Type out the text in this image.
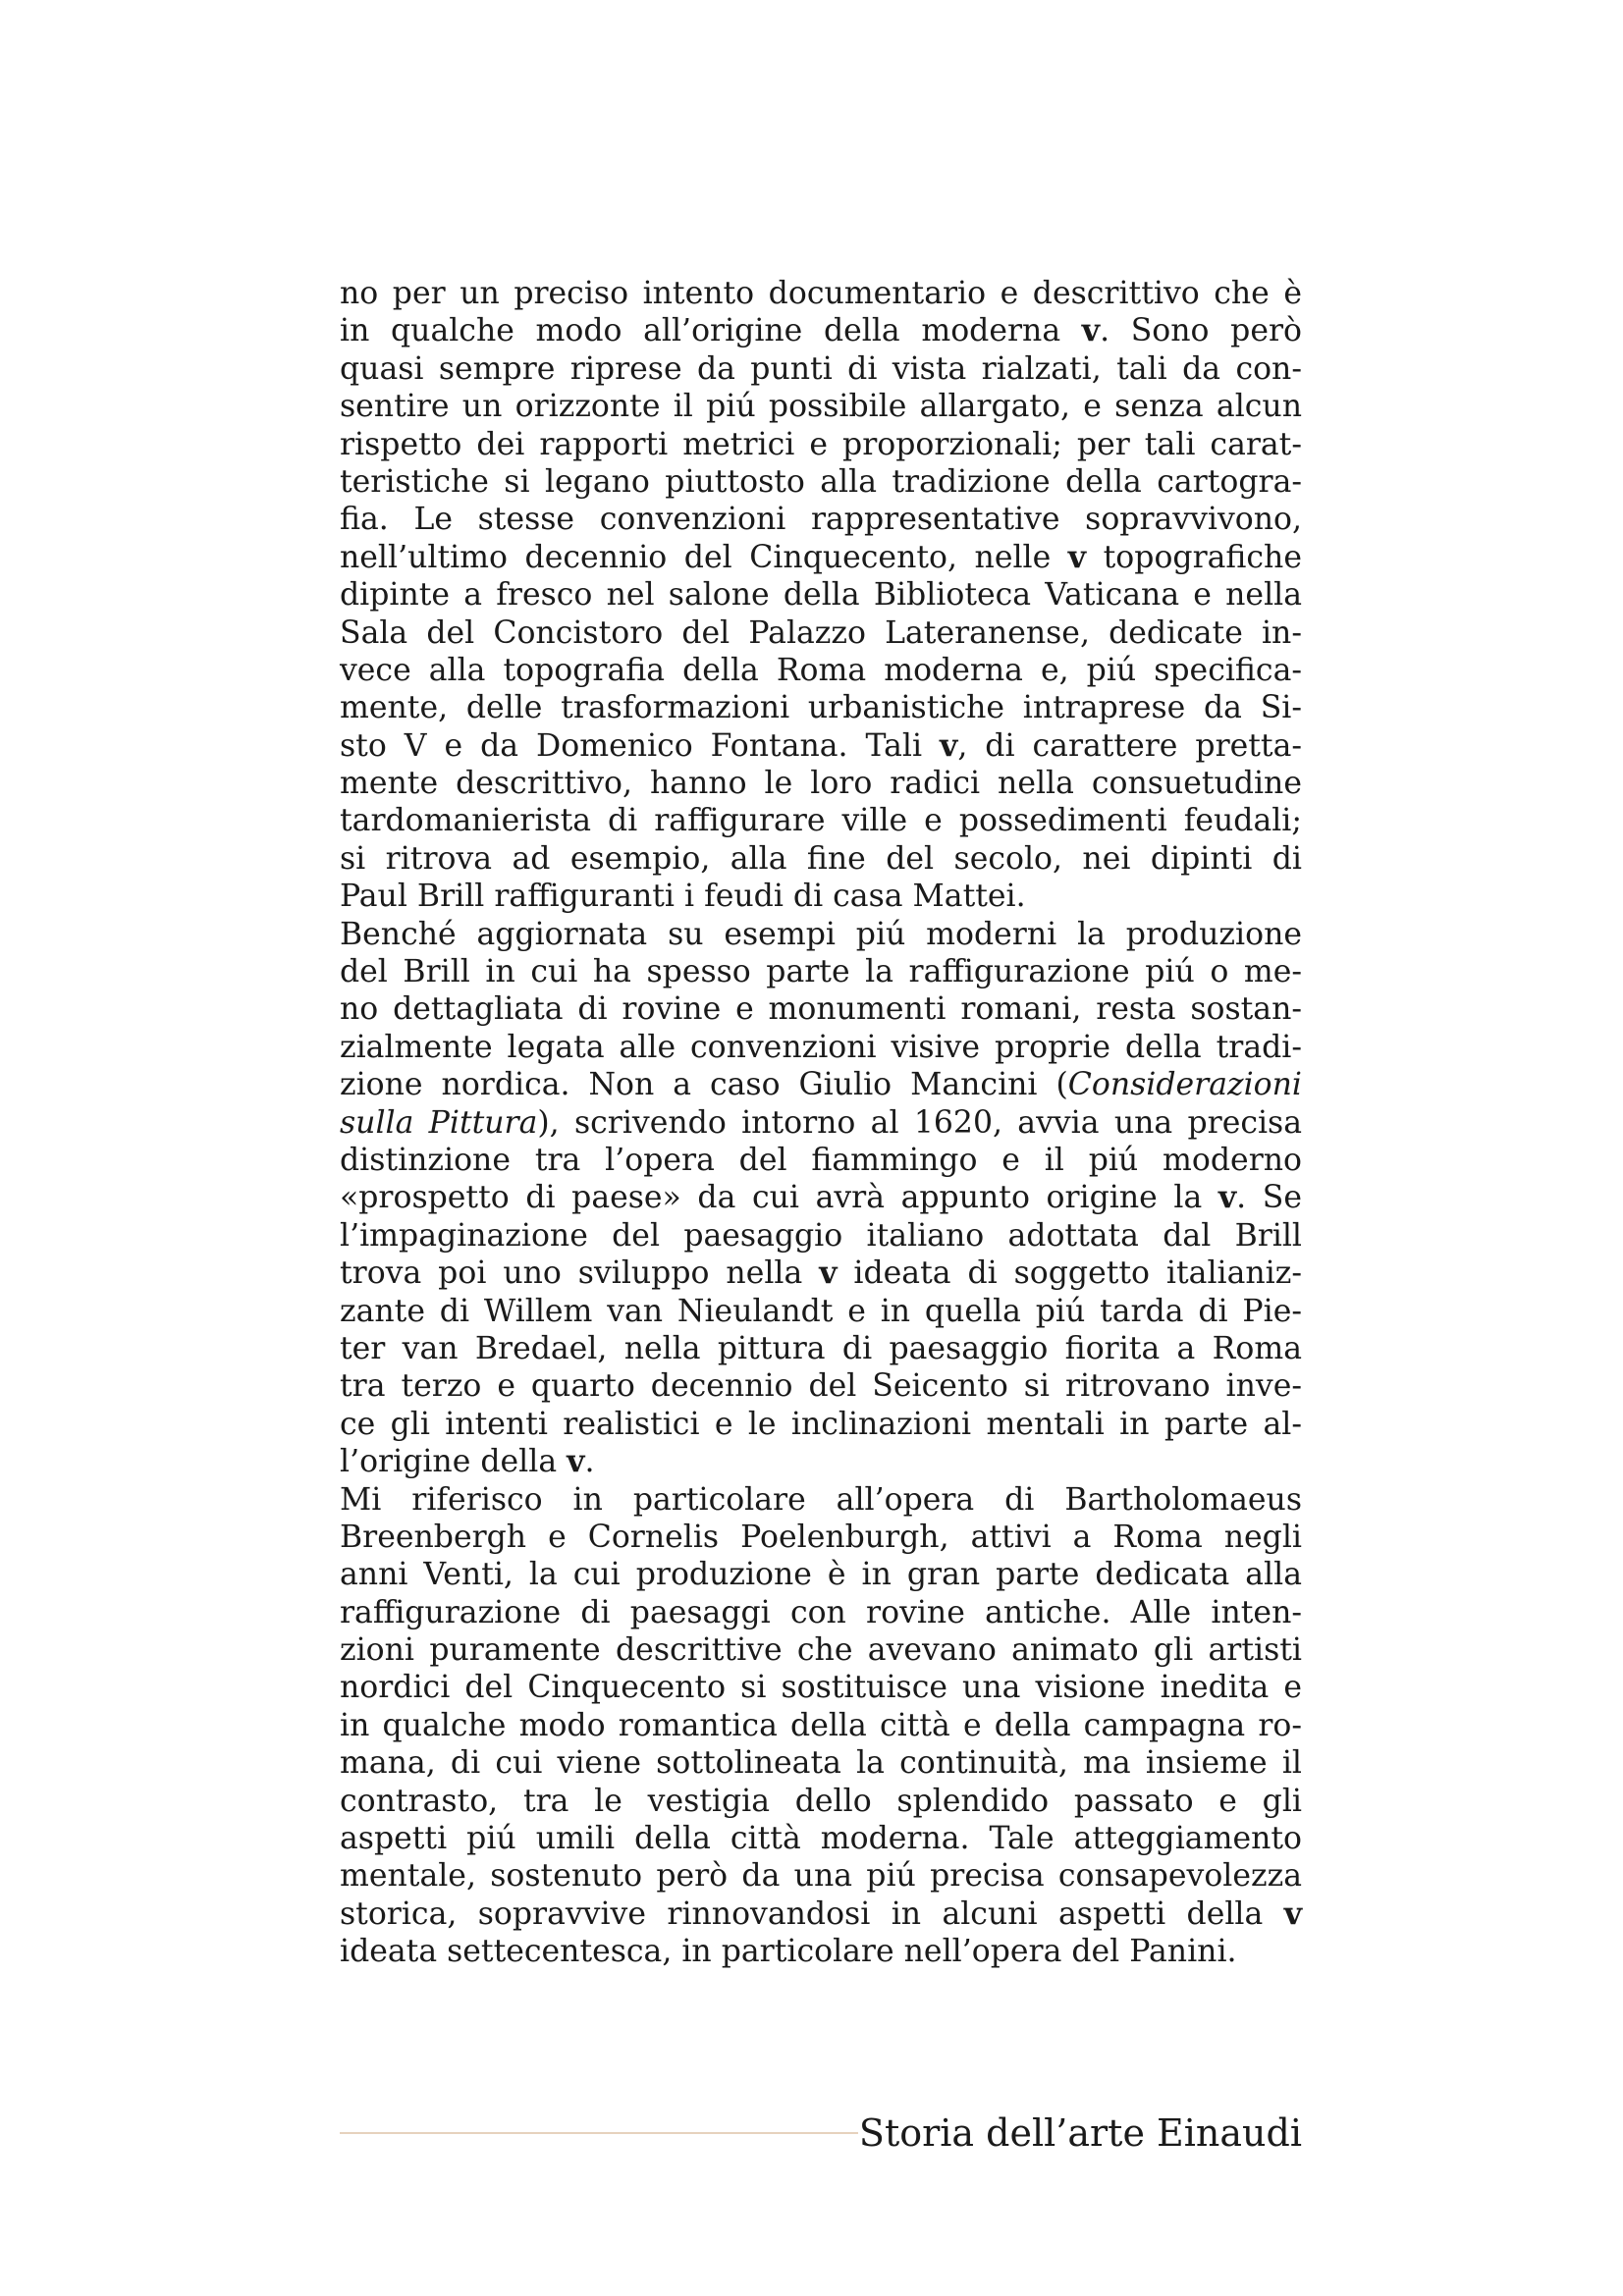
no per un preciso intento documentario e descrittivo che è
in qualche modo all’origine della moderna v. Sono però
quasi sempre riprese da punti di vista rialzati, tali da con-
sentire un orizzonte il piú possibile allargato, e senza alcun
rispetto dei rapporti metrici e proporzionali; per tali carat-
teristiche si legano piuttosto alla tradizione della cartogra-
fia. Le stesse convenzioni rappresentative sopravvivono,
nell’ultimo decennio del Cinquecento, nelle v topografiche
dipinte a fresco nel salone della Biblioteca Vaticana e nella
Sala del Concistoro del Palazzo Lateranense, dedicate in-
vece alla topografia della Roma moderna e, piú specifica-
mente, delle trasformazioni urbanistiche intraprese da Si-
sto V e da Domenico Fontana. Tali v, di carattere pretta-
mente descrittivo, hanno le loro radici nella consuetudine
tardomanierista di raffigurare ville e possedimenti feudali;
si ritrova ad esempio, alla fine del secolo, nei dipinti di
Paul Brill raffiguranti i feudi di casa Mattei.

Benché aggiornata su esempi piú moderni la produzione
del Brill in cui ha spesso parte la raffigurazione piú o me-
no dettagliata di rovine e monumenti romani, resta sostan-
zialmente legata alle convenzioni visive proprie della tradi-
zione nordica. Non a caso Giulio Mancini (Considerazioni
sulla Pittura), scrivendo intorno al 1620, avvia una precisa
distinzione tra l’opera del fiammingo e il piú moderno
«prospetto di paese» da cui avrà appunto origine la v. Se
l’impaginazione del paesaggio italiano adottata dal Brill
trova poi uno sviluppo nella v ideata di soggetto italianiz-
zante di Willem van Nieulandt e in quella piú tarda di Pie-
ter van Bredael, nella pittura di paesaggio fiorita a Roma
tra terzo e quarto decennio del Seicento si ritrovano inve-
ce gli intenti realistici e le inclinazioni mentali in parte al-
l’origine della v.

Mi riferisco in particolare all’opera di Bartholomaeus
Breenbergh e Cornelis Poelenburgh, attivi a Roma negli
anni Venti, la cui produzione è in gran parte dedicata alla
raffigurazione di paesaggi con rovine antiche. Alle inten-
zioni puramente descrittive che avevano animato gli artisti
nordici del Cinquecento si sostituisce una visione inedita e
in qualche modo romantica della città e della campagna ro-
mana, di cui viene sottolineata la continuità, ma insieme il
contrasto, tra le vestigia dello splendido passato e gli
aspetti piú umili della città moderna. Tale atteggiamento
mentale, sostenuto però da una piú precisa consapevolezza
storica, sopravvive rinnovandosi in alcuni aspetti della v
ideata settecentesca, in particolare nell’opera del Panini.

Storia dell’arte Einaudi
